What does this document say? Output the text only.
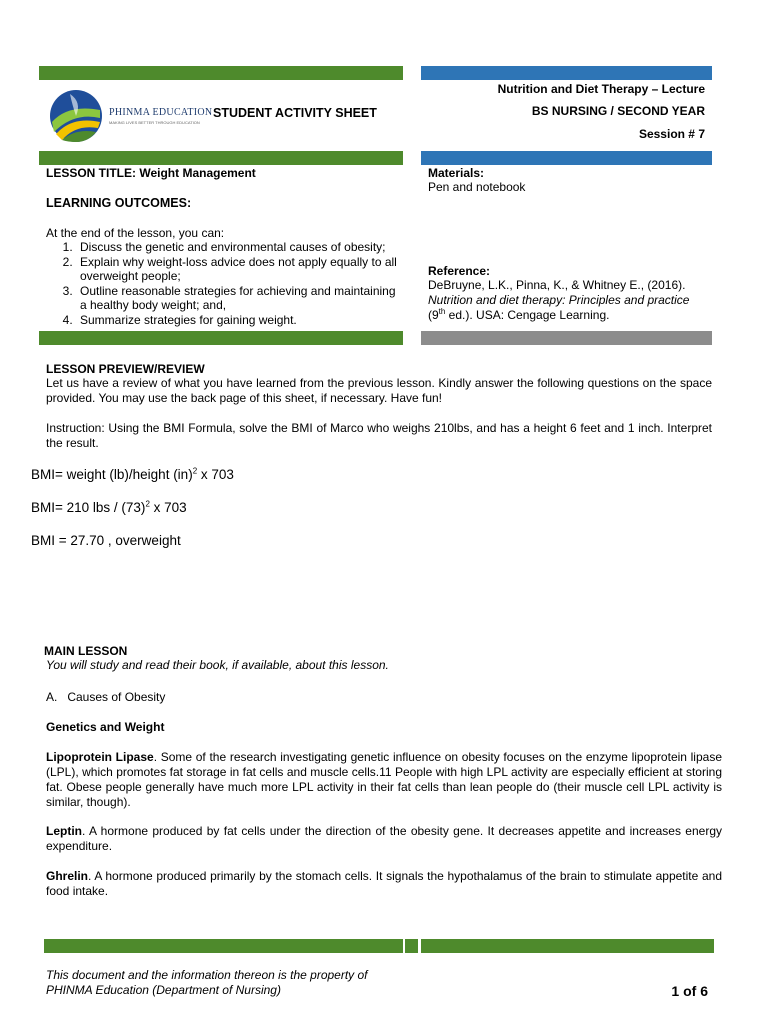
PHINMA EDUCATION
MAKING LIVES BETTER THROUGH EDUCATION
STUDENT ACTIVITY SHEET
Nutrition and Diet Therapy – Lecture
BS NURSING / SECOND YEAR
Session # 7
LESSON TITLE: Weight Management
LEARNING OUTCOMES:
At the end of the lesson, you can:
1. Discuss the genetic and environmental causes of obesity;
2. Explain why weight-loss advice does not apply equally to all overweight people;
3. Outline reasonable strategies for achieving and maintaining a healthy body weight; and,
4. Summarize strategies for gaining weight.
Materials:
Pen and notebook
Reference:
DeBruyne, L.K., Pinna, K., & Whitney E., (2016).
Nutrition and diet therapy: Principles and practice
(9th ed.). USA: Cengage Learning.
LESSON PREVIEW/REVIEW
Let us have a review of what you have learned from the previous lesson. Kindly answer the following questions on the space provided. You may use the back page of this sheet, if necessary. Have fun!
Instruction: Using the BMI Formula, solve the BMI of Marco who weighs 210lbs, and has a height 6 feet and 1 inch. Interpret the result.
BMI= weight (lb)/height (in)$^2$ x 703
BMI= 210 lbs / $(73)^2$ x 703
BMI = 27.70 , overweight
MAIN LESSON
You will study and read their book, if available, about this lesson.
A.   Causes of Obesity
Genetics and Weight
Lipoprotein Lipase. Some of the research investigating genetic influence on obesity focuses on the enzyme lipoprotein lipase (LPL), which promotes fat storage in fat cells and muscle cells.11 People with high LPL activity are especially efficient at storing fat. Obese people generally have much more LPL activity in their fat cells than lean people do (their muscle cell LPL activity is similar, though).
Leptin. A hormone produced by fat cells under the direction of the obesity gene. It decreases appetite and increases energy expenditure.
Ghrelin. A hormone produced primarily by the stomach cells. It signals the hypothalamus of the brain to stimulate appetite and food intake.
This document and the information thereon is the property of
PHINMA Education (Department of Nursing)	1 of 6
